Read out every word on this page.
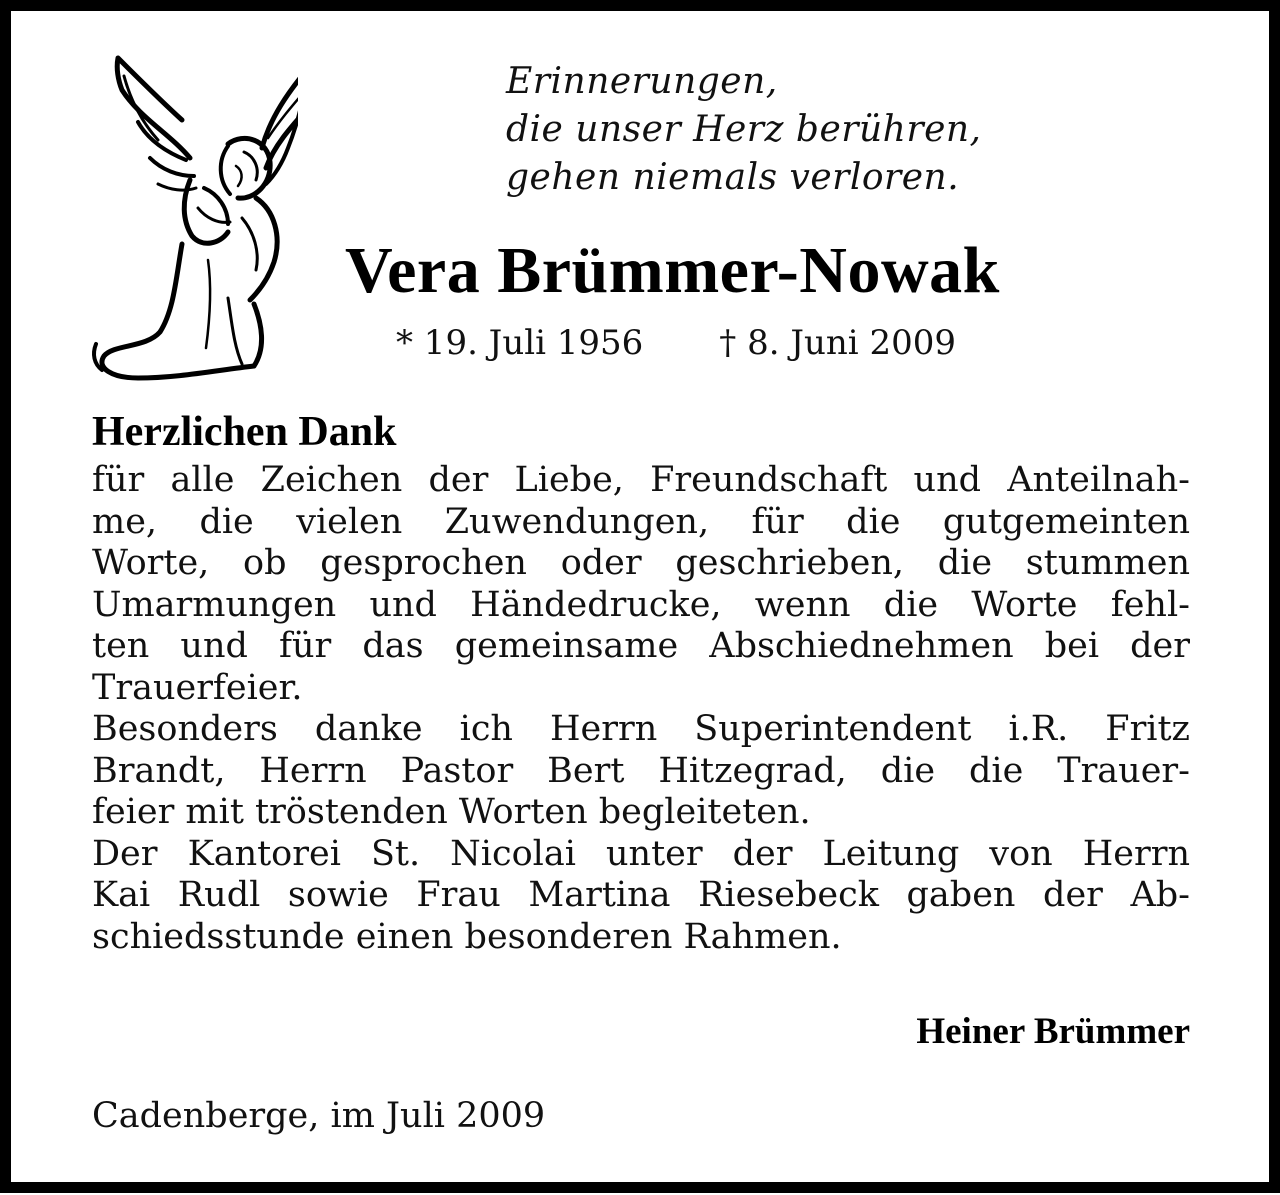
Erinnerungen,
die unser Herz berühren,
gehen niemals verloren.
Vera Brümmer-Nowak
* 19. Juli 1956 † 8. Juni 2009
Herzlichen Dank
für alle Zeichen der Liebe, Freundschaft und Anteilnah-
me, die vielen Zuwendungen, für die gutgemeinten
Worte, ob gesprochen oder geschrieben, die stummen
Umarmungen und Händedrucke, wenn die Worte fehl-
ten und für das gemeinsame Abschiednehmen bei der
Trauerfeier.
Besonders danke ich Herrn Superintendent i.R. Fritz
Brandt, Herrn Pastor Bert Hitzegrad, die die Trauer-
feier mit tröstenden Worten begleiteten.
Der Kantorei St. Nicolai unter der Leitung von Herrn
Kai Rudl sowie Frau Martina Riesebeck gaben der Ab-
schiedsstunde einen besonderen Rahmen.
Heiner Brümmer
Cadenberge, im Juli 2009
